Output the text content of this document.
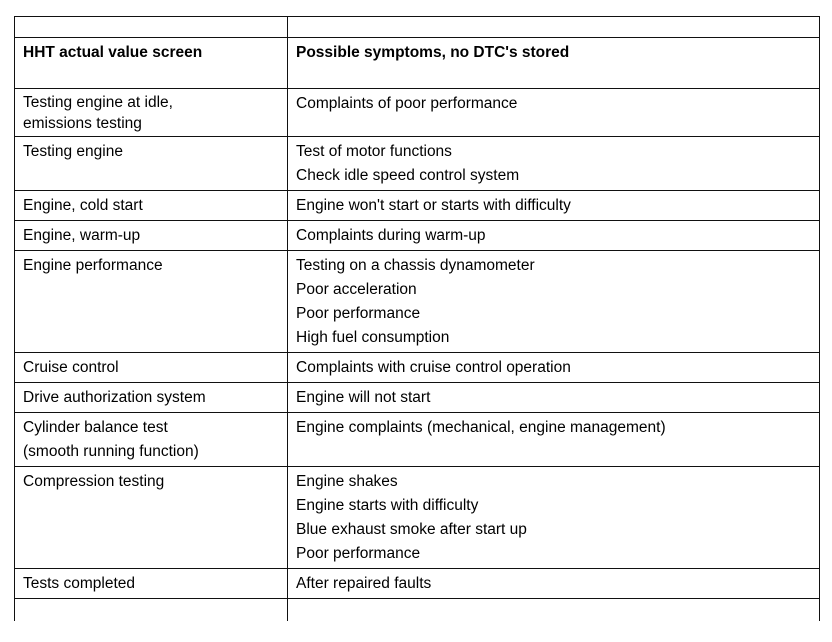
HHT actual value screen	Possible symptoms, no DTC's stored

Testing engine at idle,
emissions testing	Complaints of poor performance

Testing engine	Test of motor functions
Check idle speed control system

Engine, cold start	Engine won't start or starts with difficulty

Engine, warm-up	Complaints during warm-up

Engine performance	Testing on a chassis dynamometer
Poor acceleration
Poor performance
High fuel consumption

Cruise control	Complaints with cruise control operation

Drive authorization system	Engine will not start

Cylinder balance test
(smooth running function)	Engine complaints (mechanical, engine management)

Compression testing	Engine shakes
Engine starts with difficulty
Blue exhaust smoke after start up
Poor performance

Tests completed	After repaired faults
